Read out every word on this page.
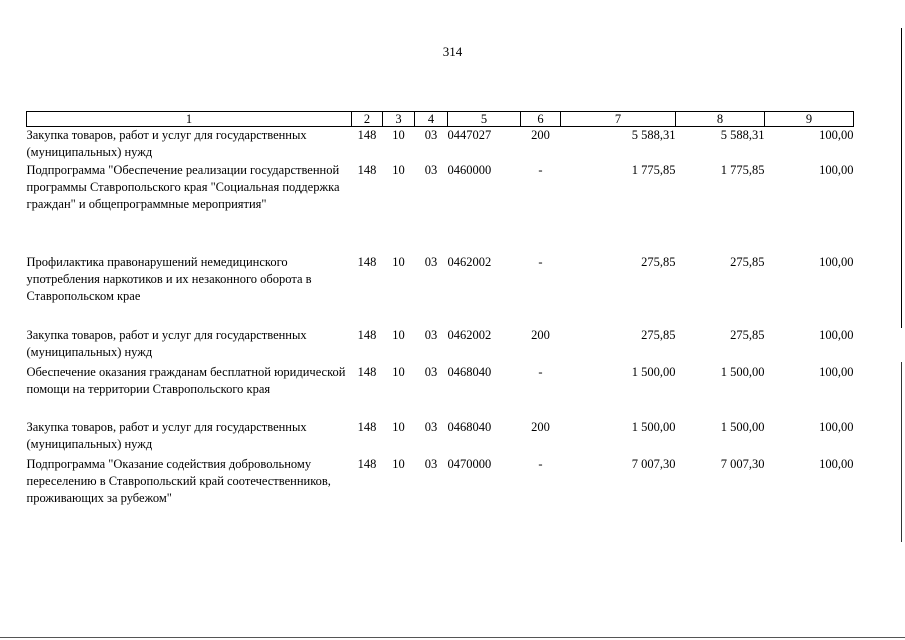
314
1	2	3	4	5	6	7	8	9
Закупка товаров, работ и услуг для государственных (муниципальных) нужд	148	10	03	0447027	200	5 588,31	5 588,31	100,00
Подпрограмма "Обеспечение реализации государственной программы Ставропольского края "Социальная поддержка граждан" и общепрограммные мероприятия"	148	10	03	0460000	-	1 775,85	1 775,85	100,00
Профилактика правонарушений немедицинского употребления наркотиков и их незаконного оборота в Ставропольском крае	148	10	03	0462002	-	275,85	275,85	100,00
Закупка товаров, работ и услуг для государственных (муниципальных) нужд	148	10	03	0462002	200	275,85	275,85	100,00
Обеспечение оказания гражданам бесплатной юридической помощи на территории Ставропольского края	148	10	03	0468040	-	1 500,00	1 500,00	100,00
Закупка товаров, работ и услуг для государственных (муниципальных) нужд	148	10	03	0468040	200	1 500,00	1 500,00	100,00
Подпрограмма "Оказание содействия добровольному переселению в Ставропольский край соотечественников, проживающих за рубежом"	148	10	03	0470000	-	7 007,30	7 007,30	100,00
